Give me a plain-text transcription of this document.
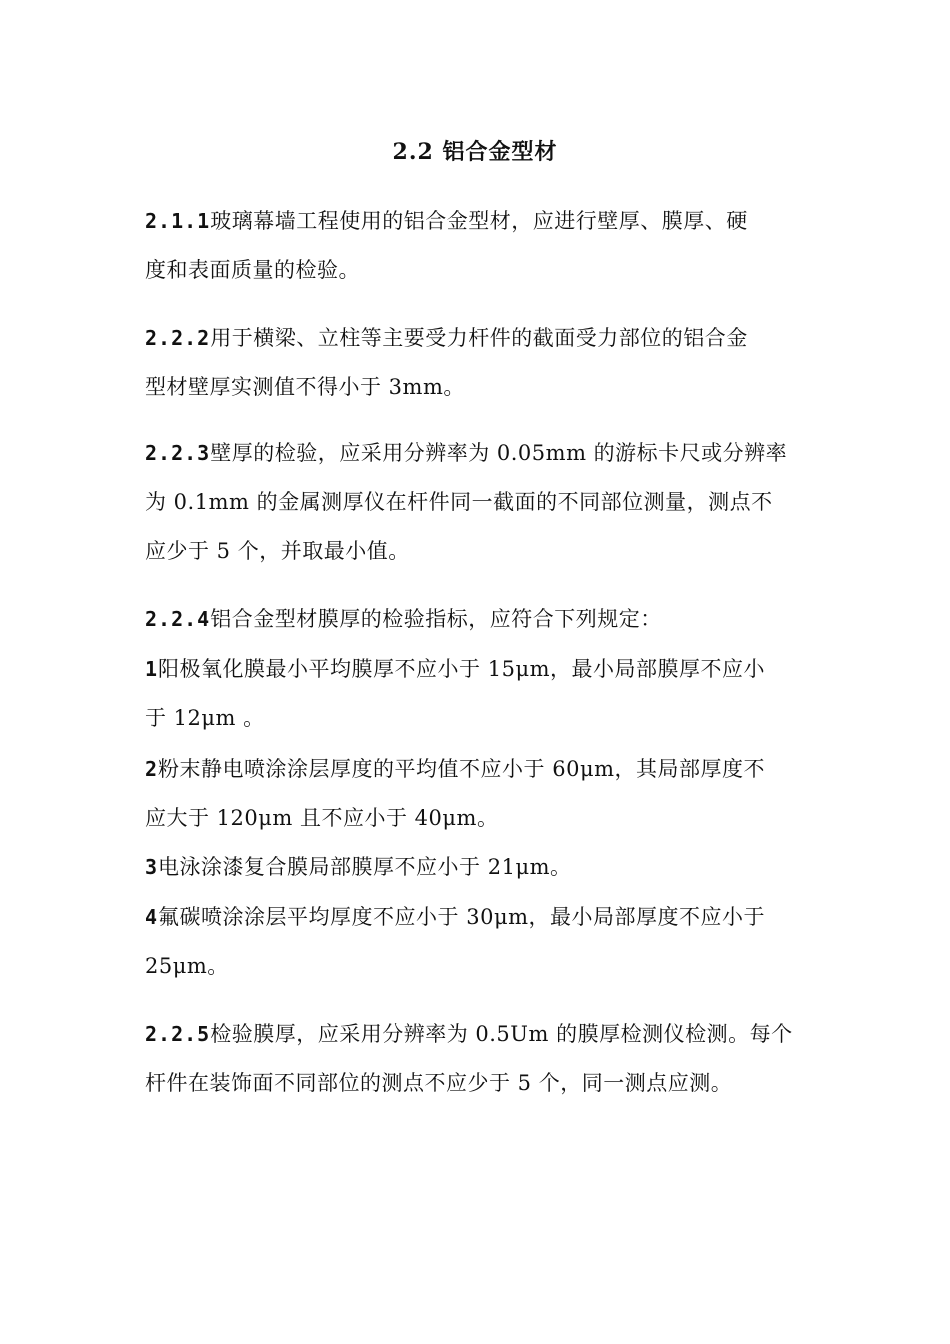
2.2 铝合金型材
2.1.1玻璃幕墙工程使用的铝合金型材，应进行壁厚、膜厚、硬
度和表面质量的检验。
2.2.2用于横梁、立柱等主要受力杆件的截面受力部位的铝合金
型材壁厚实测值不得小于 3mm。
2.2.3壁厚的检验，应采用分辨率为 0.05mm 的游标卡尺或分辨率
为 0.1mm 的金属测厚仪在杆件同一截面的不同部位测量，测点不
应少于 5 个，并取最小值。
2.2.4铝合金型材膜厚的检验指标，应符合下列规定：
1阳极氧化膜最小平均膜厚不应小于 15μm，最小局部膜厚不应小
于 12μm 。
2粉末静电喷涂涂层厚度的平均值不应小于 60μm，其局部厚度不
应大于 120μm 且不应小于 40μm。
3电泳涂漆复合膜局部膜厚不应小于 21μm。
4氟碳喷涂涂层平均厚度不应小于 30μm，最小局部厚度不应小于
25μm。
2.2.5检验膜厚，应采用分辨率为 0.5Um 的膜厚检测仪检测。每个
杆件在装饰面不同部位的测点不应少于 5 个，同一测点应测。
